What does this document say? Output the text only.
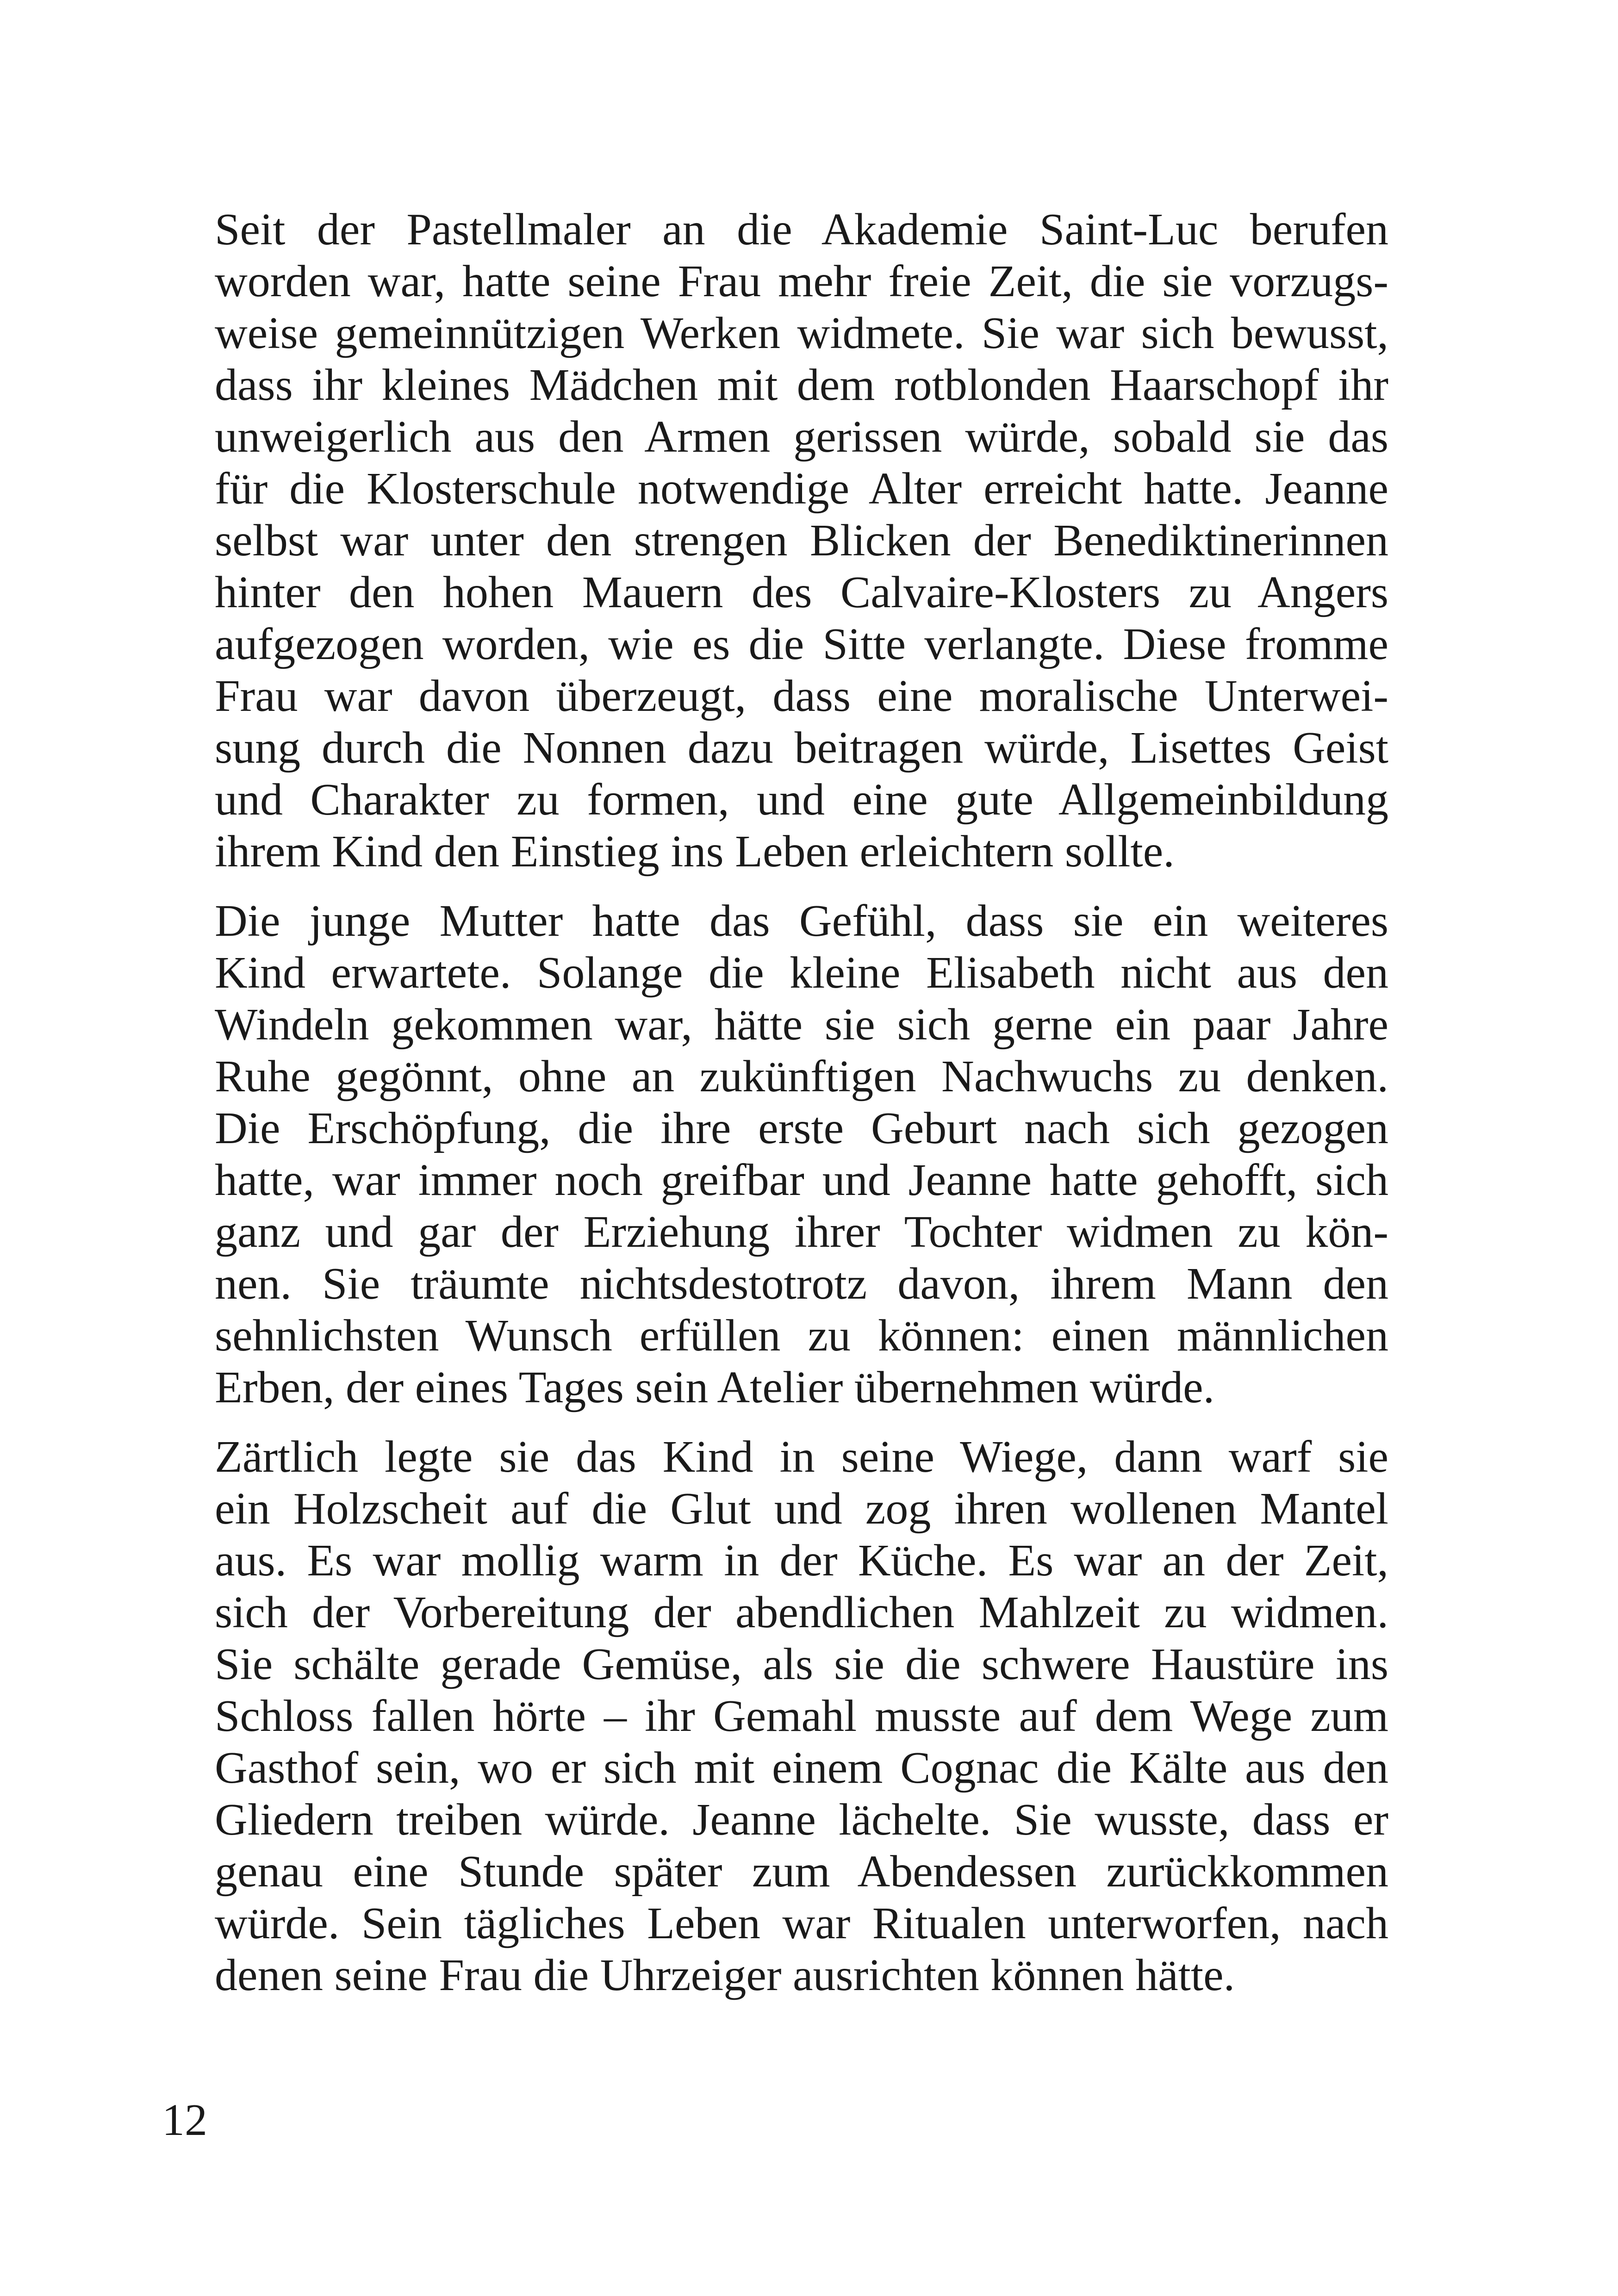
Seit der Pastellmaler an die Akademie Saint-Luc berufen
worden war, hatte seine Frau mehr freie Zeit, die sie vorzugs-
weise gemeinnützigen Werken widmete. Sie war sich bewusst,
dass ihr kleines Mädchen mit dem rotblonden Haarschopf ihr
unweigerlich aus den Armen gerissen würde, sobald sie das
für die Klosterschule notwendige Alter erreicht hatte. Jeanne
selbst war unter den strengen Blicken der Benediktinerinnen
hinter den hohen Mauern des Calvaire-Klosters zu Angers
aufgezogen worden, wie es die Sitte verlangte. Diese fromme
Frau war davon überzeugt, dass eine moralische Unterwei-
sung durch die Nonnen dazu beitragen würde, Lisettes Geist
und Charakter zu formen, und eine gute Allgemeinbildung
ihrem Kind den Einstieg ins Leben erleichtern sollte.

Die junge Mutter hatte das Gefühl, dass sie ein weiteres
Kind erwartete. Solange die kleine Elisabeth nicht aus den
Windeln gekommen war, hätte sie sich gerne ein paar Jahre
Ruhe gegönnt, ohne an zukünftigen Nachwuchs zu denken.
Die Erschöpfung, die ihre erste Geburt nach sich gezogen
hatte, war immer noch greifbar und Jeanne hatte gehofft, sich
ganz und gar der Erziehung ihrer Tochter widmen zu kön-
nen. Sie träumte nichtsdestotrotz davon, ihrem Mann den
sehnlichsten Wunsch erfüllen zu können: einen männlichen
Erben, der eines Tages sein Atelier übernehmen würde.

Zärtlich legte sie das Kind in seine Wiege, dann warf sie
ein Holzscheit auf die Glut und zog ihren wollenen Mantel
aus. Es war mollig warm in der Küche. Es war an der Zeit,
sich der Vorbereitung der abendlichen Mahlzeit zu widmen.
Sie schälte gerade Gemüse, als sie die schwere Haustüre ins
Schloss fallen hörte – ihr Gemahl musste auf dem Wege zum
Gasthof sein, wo er sich mit einem Cognac die Kälte aus den
Gliedern treiben würde. Jeanne lächelte. Sie wusste, dass er
genau eine Stunde später zum Abendessen zurückkommen
würde. Sein tägliches Leben war Ritualen unterworfen, nach
denen seine Frau die Uhrzeiger ausrichten können hätte.

12
